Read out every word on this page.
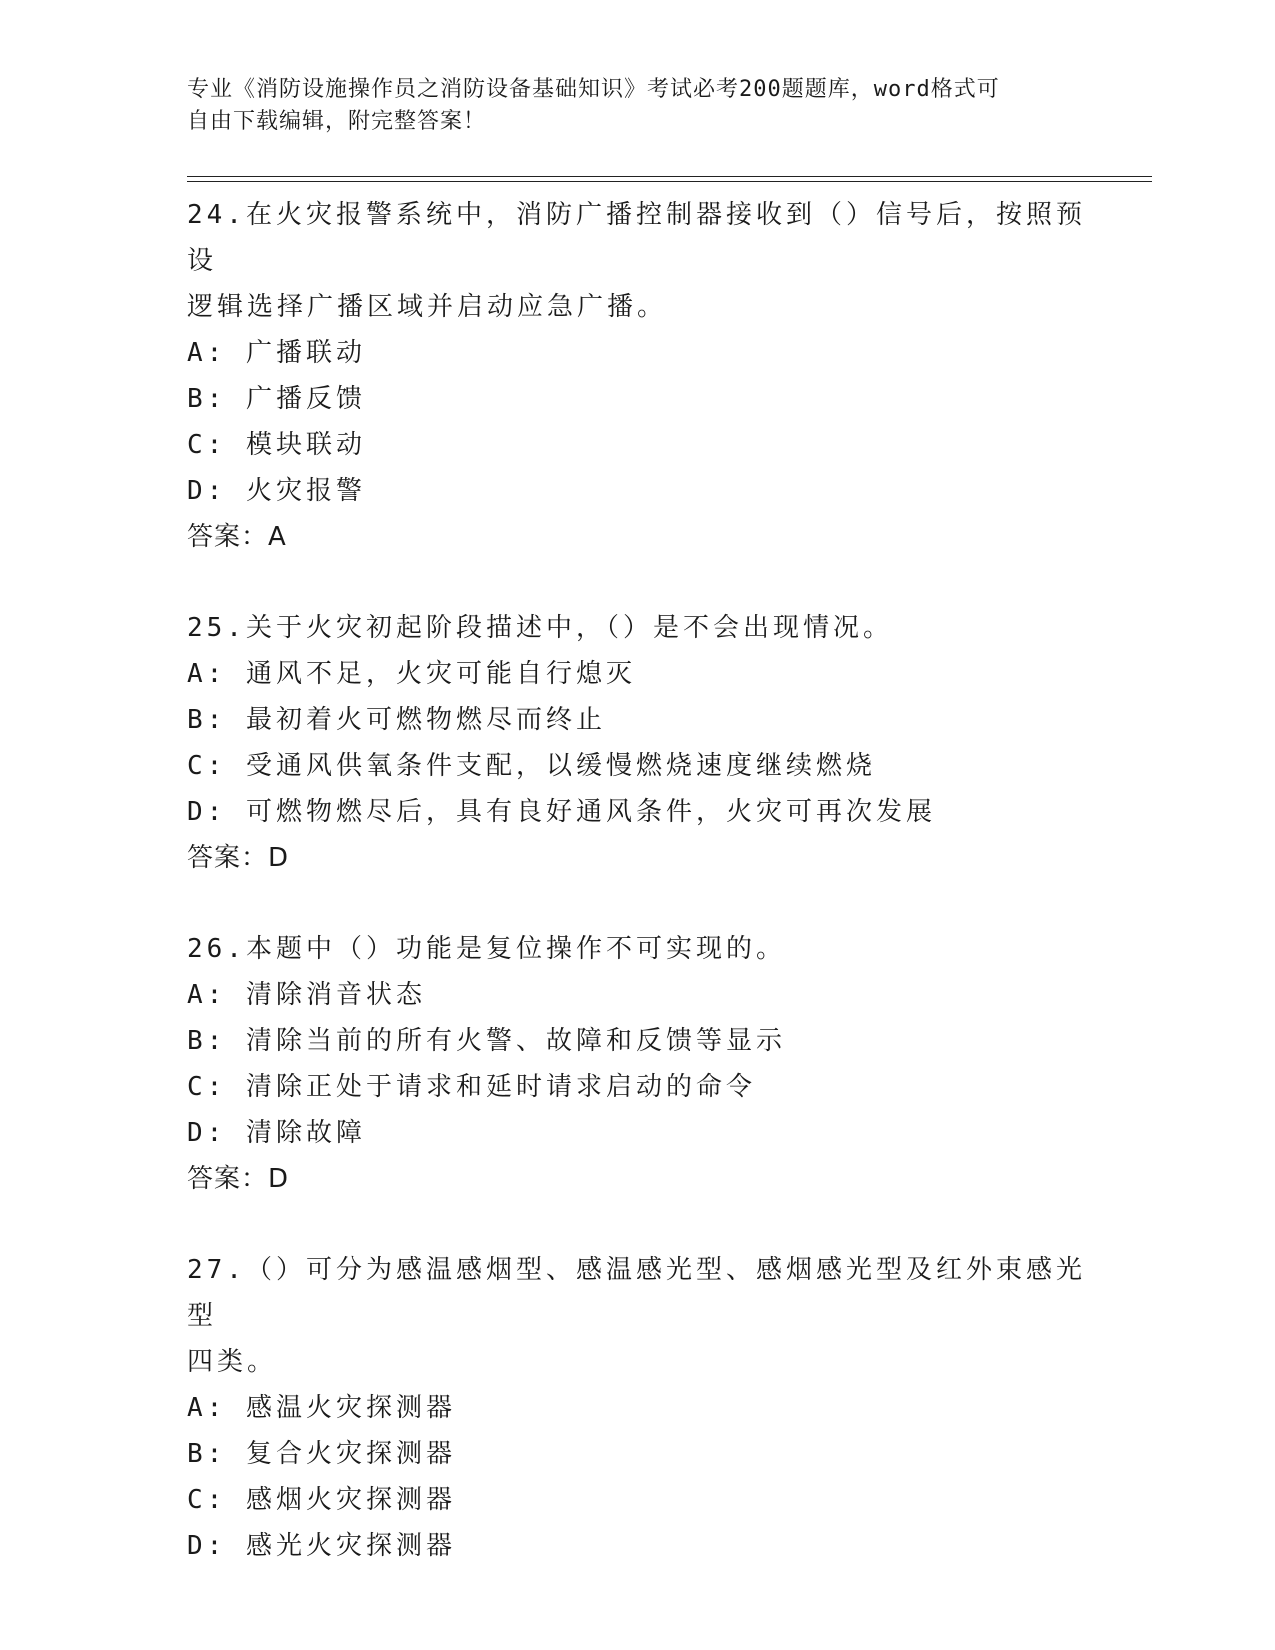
专业《消防设施操作员之消防设备基础知识》考试必考200题题库，word格式可
自由下载编辑，附完整答案！
24.在火灾报警系统中，消防广播控制器接收到（）信号后，按照预设
逻辑选择广播区域并启动应急广播。
A: 广播联动
B: 广播反馈
C: 模块联动
D: 火灾报警
答案：A
25.关于火灾初起阶段描述中，（）是不会出现情况。
A: 通风不足，火灾可能自行熄灭
B: 最初着火可燃物燃尽而终止
C: 受通风供氧条件支配，以缓慢燃烧速度继续燃烧
D: 可燃物燃尽后，具有良好通风条件，火灾可再次发展
答案：D
26.本题中（）功能是复位操作不可实现的。
A: 清除消音状态
B: 清除当前的所有火警、故障和反馈等显示
C: 清除正处于请求和延时请求启动的命令
D: 清除故障
答案：D
27.（）可分为感温感烟型、感温感光型、感烟感光型及红外束感光型
四类。
A: 感温火灾探测器
B: 复合火灾探测器
C: 感烟火灾探测器
D: 感光火灾探测器
